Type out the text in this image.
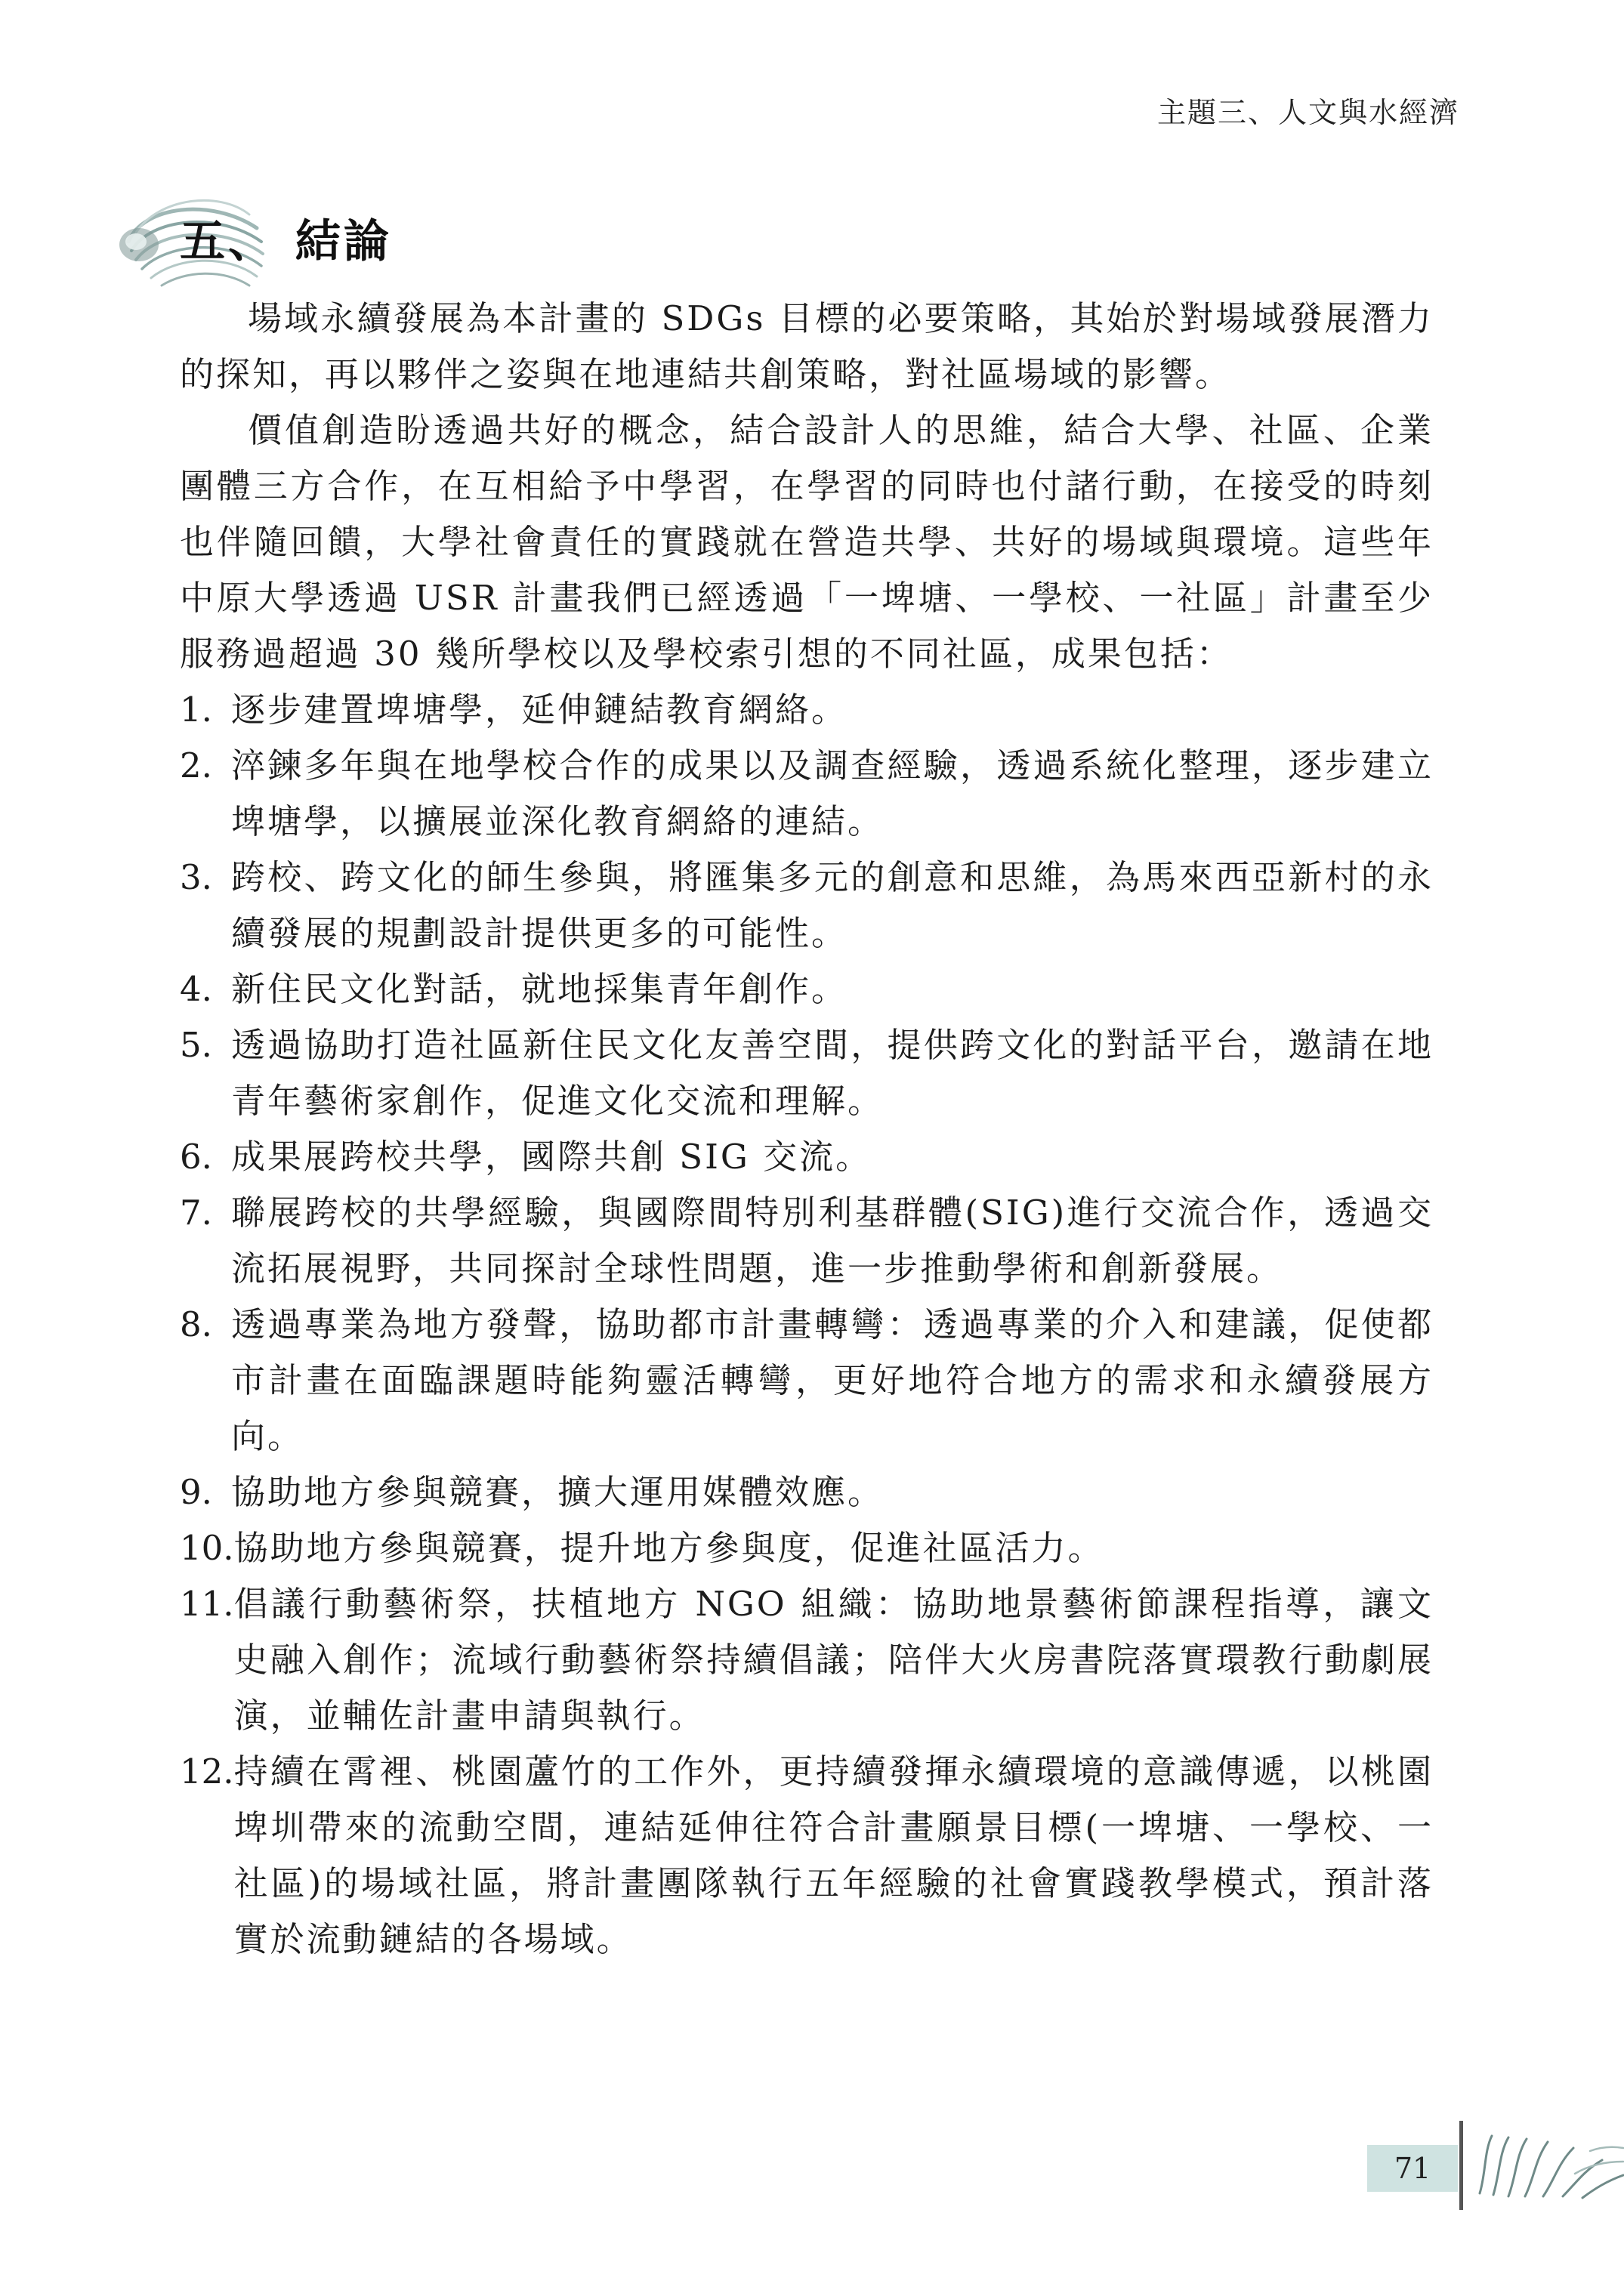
主題三、人文與水經濟
五、 結論

場域永續發展為本計畫的 SDGs 目標的必要策略，其始於對場域發展潛力的探知，再以夥伴之姿與在地連結共創策略，對社區場域的影響。

價值創造盼透過共好的概念，結合設計人的思維，結合大學、社區、企業團體三方合作，在互相給予中學習，在學習的同時也付諸行動，在接受的時刻也伴隨回饋，大學社會責任的實踐就在營造共學、共好的場域與環境。這些年中原大學透過 USR 計畫我們已經透過「一埤塘、一學校、一社區」計畫至少服務過超過 30 幾所學校以及學校索引想的不同社區，成果包括：

1. 逐步建置埤塘學，延伸鏈結教育網絡。
2. 淬鍊多年與在地學校合作的成果以及調查經驗，透過系統化整理，逐步建立埤塘學，以擴展並深化教育網絡的連結。
3. 跨校、跨文化的師生參與，將匯集多元的創意和思維，為馬來西亞新村的永續發展的規劃設計提供更多的可能性。
4. 新住民文化對話，就地採集青年創作。
5. 透過協助打造社區新住民文化友善空間，提供跨文化的對話平台，邀請在地青年藝術家創作，促進文化交流和理解。
6. 成果展跨校共學，國際共創 SIG 交流。
7. 聯展跨校的共學經驗，與國際間特別利基群體(SIG)進行交流合作，透過交流拓展視野，共同探討全球性問題，進一步推動學術和創新發展。
8. 透過專業為地方發聲，協助都市計畫轉彎：透過專業的介入和建議，促使都市計畫在面臨課題時能夠靈活轉彎，更好地符合地方的需求和永續發展方向。
9. 協助地方參與競賽，擴大運用媒體效應。
10. 協助地方參與競賽，提升地方參與度，促進社區活力。
11. 倡議行動藝術祭，扶植地方 NGO 組織：協助地景藝術節課程指導，讓文史融入創作；流域行動藝術祭持續倡議；陪伴大火房書院落實環教行動劇展演，並輔佐計畫申請與執行。
12. 持續在霄裡、桃園蘆竹的工作外，更持續發揮永續環境的意識傳遞，以桃園埤圳帶來的流動空間，連結延伸往符合計畫願景目標(一埤塘、一學校、一社區)的場域社區，將計畫團隊執行五年經驗的社會實踐教學模式，預計落實於流動鏈結的各場域。
71
